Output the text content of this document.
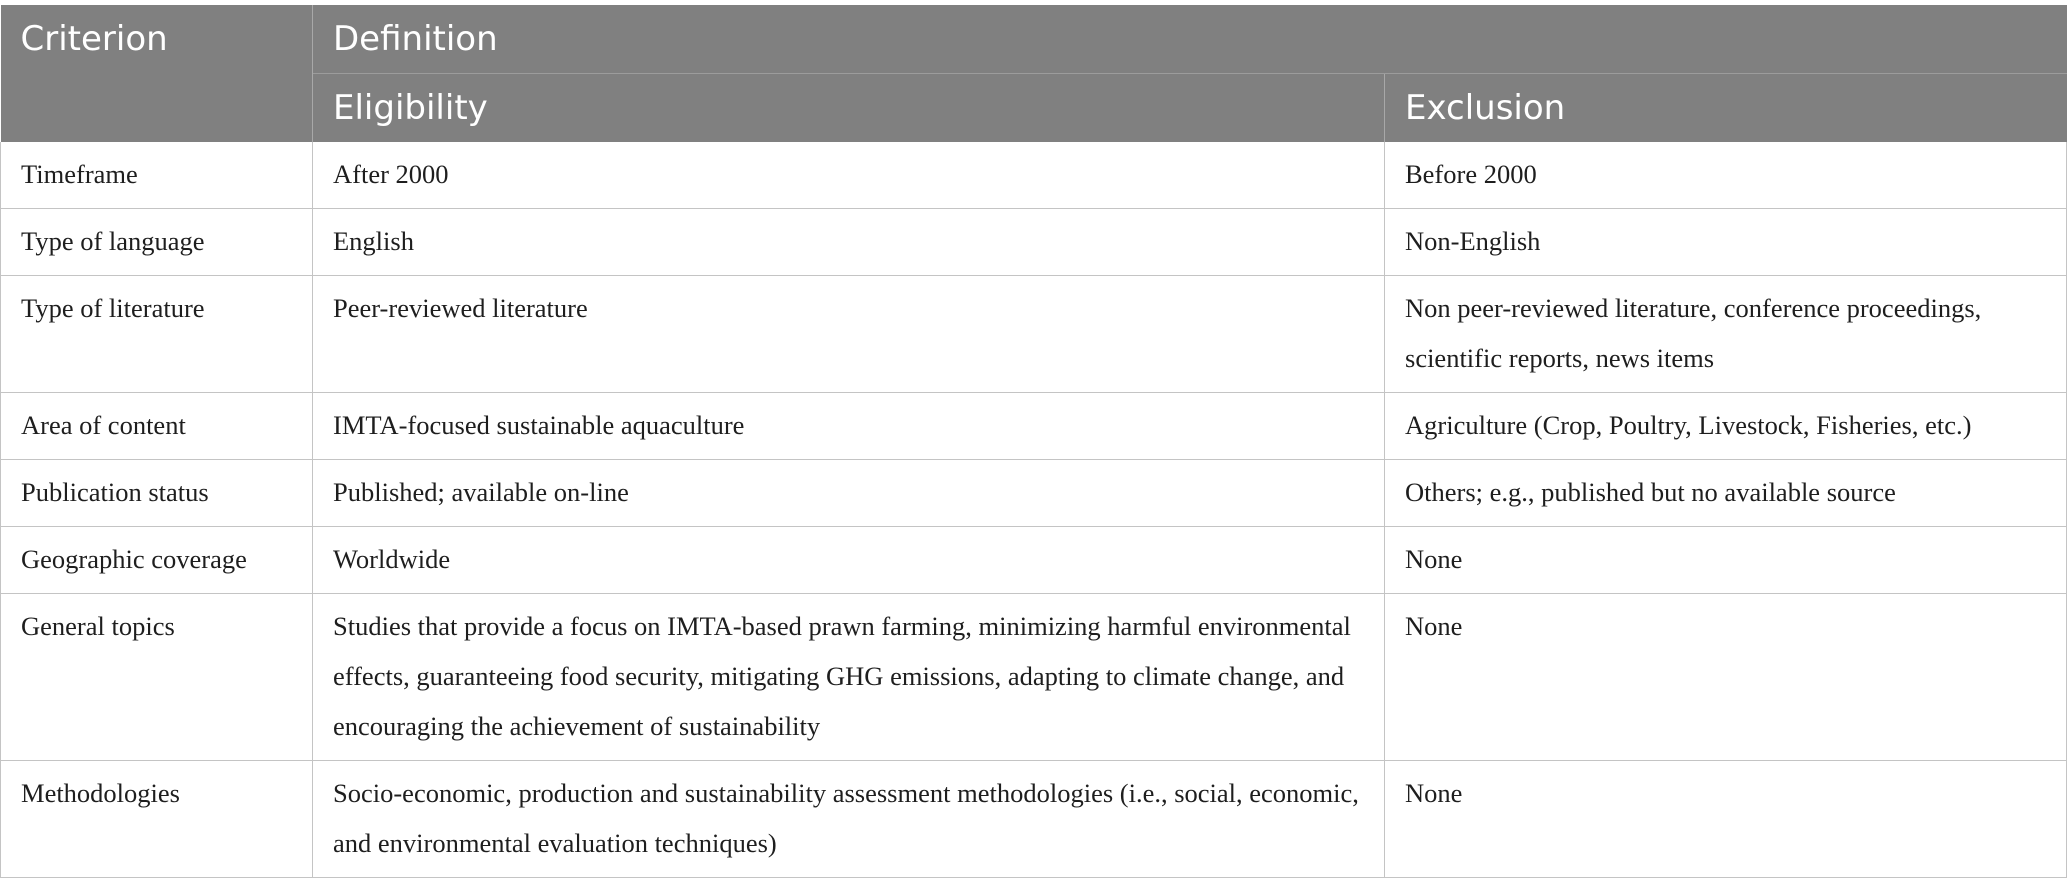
Criterion	Definition	
	Eligibility	Exclusion
Timeframe	After 2000	Before 2000
Type of language	English	Non-English
Type of literature	Peer-reviewed literature	Non peer-reviewed literature, conference proceedings, scientific reports, news items
Area of content	IMTA-focused sustainable aquaculture	Agriculture (Crop, Poultry, Livestock, Fisheries, etc.)
Publication status	Published; available on-line	Others; e.g., published but no available source
Geographic coverage	Worldwide	None
General topics	Studies that provide a focus on IMTA-based prawn farming, minimizing harmful environmental effects, guaranteeing food security, mitigating GHG emissions, adapting to climate change, and encouraging the achievement of sustainability	None
Methodologies	Socio-economic, production and sustainability assessment methodologies (i.e., social, economic, and environmental evaluation techniques)	None
